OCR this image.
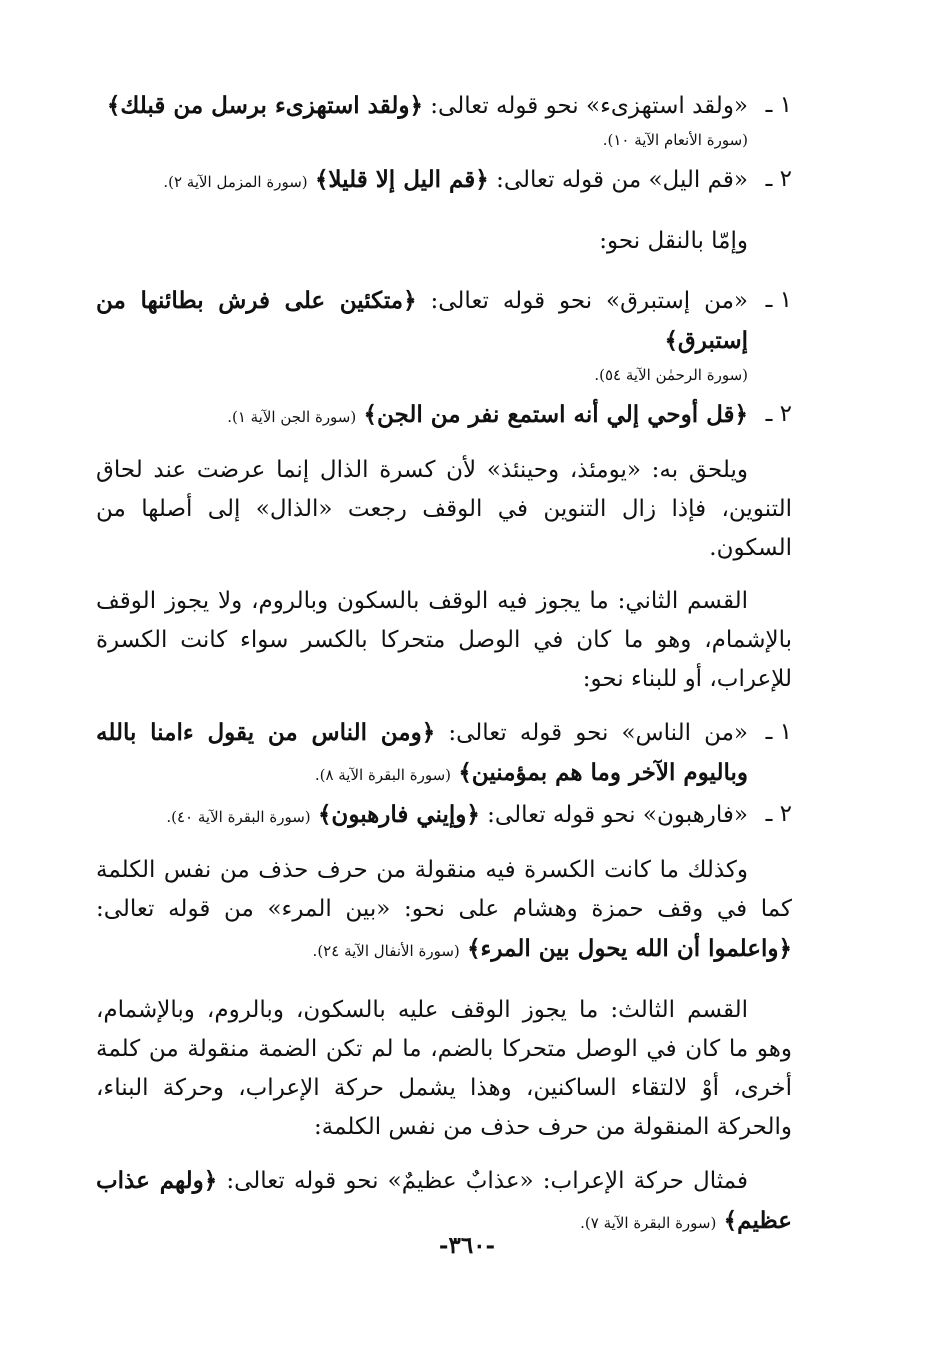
١ ـ
«ولقد استهزىء» نحو قوله تعالى: ﴿ولقد استهزىء برسل من قبلك﴾
(سورة الأنعام الآية ١٠).
٢ ـ
«قم اليل» من قوله تعالى: ﴿قم اليل إلا قليلا﴾ (سورة المزمل الآية ٢).
وإمّا بالنقل نحو:
١ ـ
«من إستبرق» نحو قوله تعالى: ﴿متكئين على فرش بطائنها من إستبرق﴾
(سورة الرحمٰن الآية ٥٤).
٢ ـ
﴿قل أوحي إلي أنه استمع نفر من الجن﴾ (سورة الجن الآية ١).
ويلحق به: «يومئذ، وحينئذ» لأن كسرة الذال إنما عرضت عند لحاق التنوين، فإذا زال التنوين في الوقف رجعت «الذال» إلى أصلها من السكون.
القسم الثاني: ما يجوز فيه الوقف بالسكون وبالروم، ولا يجوز الوقف بالإشمام، وهو ما كان في الوصل متحركا بالكسر سواء كانت الكسرة للإعراب، أو للبناء نحو:
١ ـ
«من الناس» نحو قوله تعالى: ﴿ومن الناس من يقول ءامنا بالله وباليوم الآخر وما هم بمؤمنين﴾ (سورة البقرة الآية ٨).
٢ ـ
«فارهبون» نحو قوله تعالى: ﴿وإيني فارهبون﴾ (سورة البقرة الآية ٤٠).
وكذلك ما كانت الكسرة فيه منقولة من حرف حذف من نفس الكلمة كما في وقف حمزة وهشام على نحو: «بين المرء» من قوله تعالى: ﴿واعلموا أن الله يحول بين المرء﴾ (سورة الأنفال الآية ٢٤).
القسم الثالث: ما يجوز الوقف عليه بالسكون، وبالروم، وبالإشمام، وهو ما كان في الوصل متحركا بالضم، ما لم تكن الضمة منقولة من كلمة أخرى، أوْ لالتقاء الساكنين، وهذا يشمل حركة الإعراب، وحركة البناء، والحركة المنقولة من حرف حذف من نفس الكلمة:
فمثال حركة الإعراب: «عذابٌ عظيمٌ» نحو قوله تعالى: ﴿ولهم عذاب عظيم﴾ (سورة البقرة الآية ٧).
-٣٦٠-
